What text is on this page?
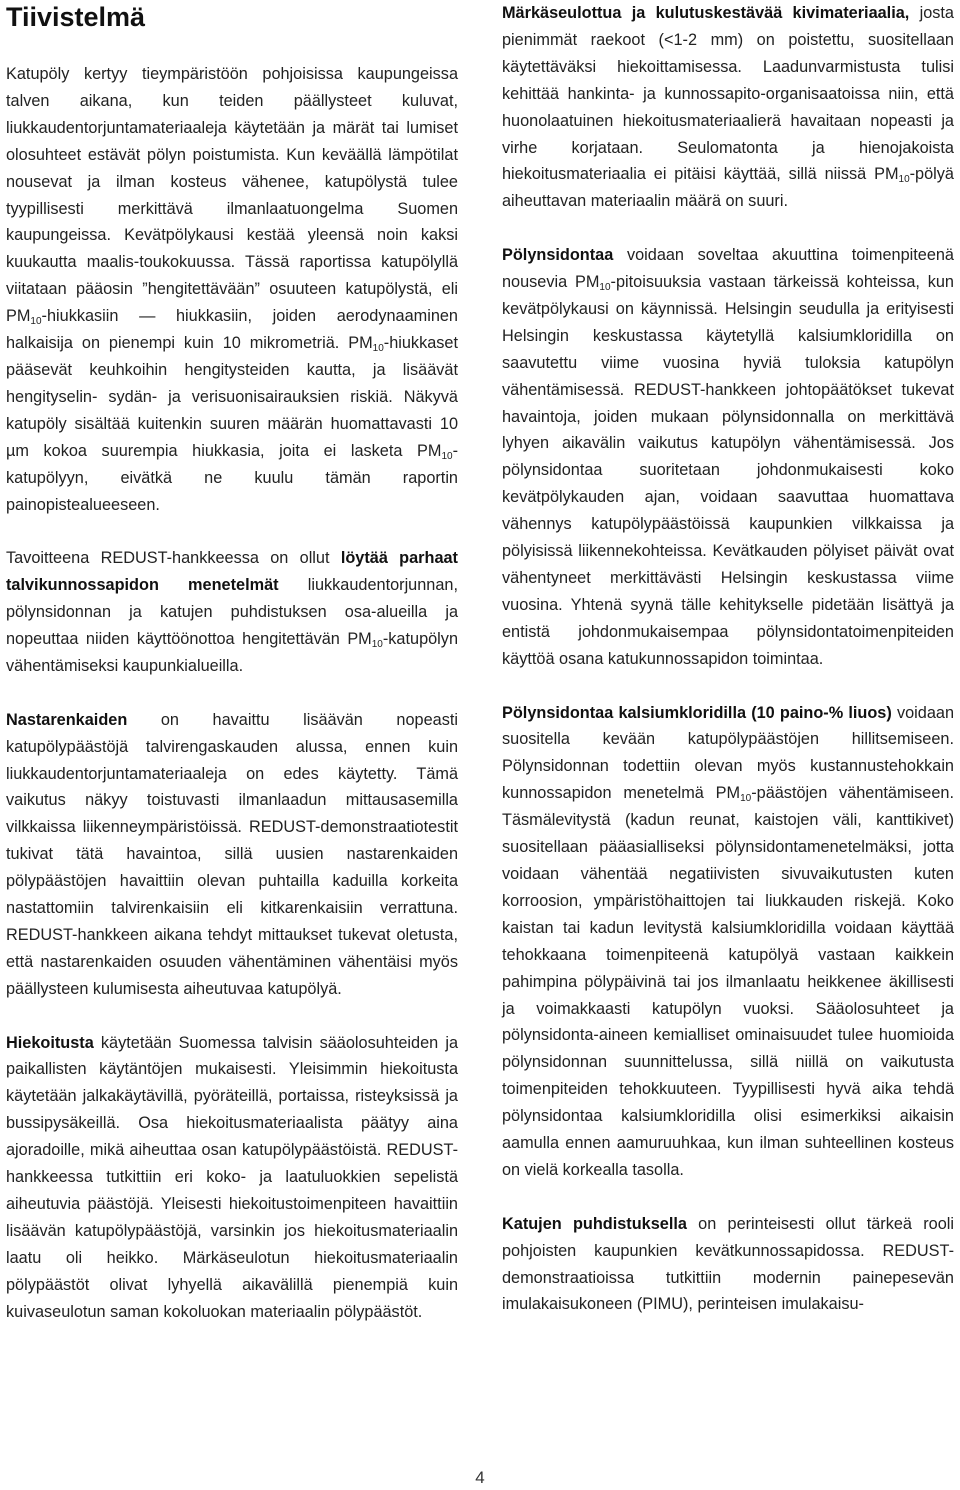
Tiivistelmä

Katupöly kertyy tieympäristöön pohjoisissa kaupungeissa talven aikana, kun teiden päällysteet kuluvat, liukkaudentorjuntamateriaaleja käytetään ja märät tai lumiset olosuhteet estävät pölyn poistumista. Kun keväällä lämpötilat nousevat ja ilman kosteus vähenee, katupölystä tulee tyypillisesti merkittävä ilmanlaatuongelma Suomen kaupungeissa. Kevätpölykausi kestää yleensä noin kaksi kuukautta maalis-toukokuussa. Tässä raportissa katupölyllä viitataan pääosin ”hengitettävään” osuuteen katupölystä, eli $PM_{10}$-hiukkasiin — hiukkasiin, joiden aerodynaaminen halkaisija on pienempi kuin 10 mikrometriä. $PM_{10}$-hiukkaset pääsevät keuhkoihin hengitysteiden kautta, ja lisäävät hengityselin- sydän- ja verisuonisairauksien riskiä. Näkyvä katupöly sisältää kuitenkin suuren määrän huomattavasti 10 µm kokoa suurempia hiukkasia, joita ei lasketa $PM_{10}$-katupölyyn, eivätkä ne kuulu tämän raportin painopistealueeseen.

Tavoitteena REDUST-hankkeessa on ollut löytää parhaat talvikunnossapidon menetelmät liukkaudentorjunnan, pölynsidonnan ja katujen puhdistuksen osa-alueilla ja nopeuttaa niiden käyttöönottoa hengitettävän $PM_{10}$-katupölyn vähentämiseksi kaupunkialueilla.

Nastarenkaiden on havaittu lisäävän nopeasti katupölypäästöjä talvirengaskauden alussa, ennen kuin liukkaudentorjuntamateriaaleja on edes käytetty. Tämä vaikutus näkyy toistuvasti ilmanlaadun mittausasemilla vilkkaissa liikenneympäristöissä. REDUST-demonstraatiotestit tukivat tätä havaintoa, sillä uusien nastarenkaiden pölypäästöjen havaittiin olevan puhtailla kaduilla korkeita nastattomiin talvirenkaisiin eli kitkarenkaisiin verrattuna. REDUST-hankkeen aikana tehdyt mittaukset tukevat oletusta, että nastarenkaiden osuuden vähentäminen vähentäisi myös päällysteen kulumisesta aiheutuvaa katupölyä.

Hiekoitusta käytetään Suomessa talvisin sääolosuhteiden ja paikallisten käytäntöjen mukaisesti. Yleisimmin hiekoitusta käytetään jalkakäytävillä, pyöräteillä, portaissa, risteyksissä ja bussipysäkeillä. Osa hiekoitusmateriaalista päätyy aina ajoradoille, mikä aiheuttaa osan katupölypäästöistä. REDUST-hankkeessa tutkittiin eri koko- ja laatuluokkien sepelistä aiheutuvia päästöjä. Yleisesti hiekoitustoimenpiteen havaittiin lisäävän katupölypäästöjä, varsinkin jos hiekoitusmateriaalin laatu oli heikko. Märkäseulotun hiekoitusmateriaalin pölypäästöt olivat lyhyellä aikavälillä pienempiä kuin kuivaseulotun saman kokoluokan materiaalin pölypäästöt.

Märkäseulottua ja kulutuskestävää kivimateriaalia, josta pienimmät raekoot (<1-2 mm) on poistettu, suositellaan käytettäväksi hiekoittamisessa. Laadunvarmistusta tulisi kehittää hankinta- ja kunnossapito-organisaatoissa niin, että huonolaatuinen hiekoitusmateriaalierä havaitaan nopeasti ja virhe korjataan. Seulomatonta ja hienojakoista hiekoitusmateriaalia ei pitäisi käyttää, sillä niissä $PM_{10}$-pölyä aiheuttavan materiaalin määrä on suuri.

Pölynsidontaa voidaan soveltaa akuuttina toimenpiteenä nousevia $PM_{10}$-pitoisuuksia vastaan tärkeissä kohteissa, kun kevätpölykausi on käynnissä. Helsingin seudulla ja erityisesti Helsingin keskustassa käytetyllä kalsiumkloridilla on saavutettu viime vuosina hyviä tuloksia katupölyn vähentämisessä. REDUST-hankkeen johtopäätökset tukevat havaintoja, joiden mukaan pölynsidonnalla on merkittävä lyhyen aikavälin vaikutus katupölyn vähentämisessä. Jos pölynsidontaa suoritetaan johdonmukaisesti koko kevätpölykauden ajan, voidaan saavuttaa huomattava vähennys katupölypäästöissä kaupunkien vilkkaissa ja pölyisissä liikennekohteissa. Kevätkauden pölyiset päivät ovat vähentyneet merkittävästi Helsingin keskustassa viime vuosina. Yhtenä syynä tälle kehitykselle pidetään lisättyä ja entistä johdonmukaisempaa pölynsidontatoimenpiteiden käyttöä osana katukunnossapidon toimintaa.

Pölynsidontaa kalsiumkloridilla (10 paino-% liuos) voidaan suositella kevään katupölypäästöjen hillitsemiseen. Pölynsidonnan todettiin olevan myös kustannustehokkain kunnossapidon menetelmä $PM_{10}$-päästöjen vähentämiseen. Täsmälevitystä (kadun reunat, kaistojen väli, kanttikivet) suositellaan pääasialliseksi pölynsidontamenetelmäksi, jotta voidaan vähentää negatiivisten sivuvaikutusten kuten korroosion, ympäristöhaittojen tai liukkauden riskejä. Koko kaistan tai kadun levitystä kalsiumkloridilla voidaan käyttää tehokkaana toimenpiteenä katupölyä vastaan kaikkein pahimpina pölypäivinä tai jos ilmanlaatu heikkenee äkillisesti ja voimakkaasti katupölyn vuoksi. Sääolosuhteet ja pölynsidonta-aineen kemialliset ominaisuudet tulee huomioida pölynsidonnan suunnittelussa, sillä niillä on vaikutusta toimenpiteiden tehokkuuteen. Tyypillisesti hyvä aika tehdä pölynsidontaa kalsiumkloridilla olisi esimerkiksi aikaisin aamulla ennen aamuruuhkaa, kun ilman suhteellinen kosteus on vielä korkealla tasolla.

Katujen puhdistuksella on perinteisesti ollut tärkeä rooli pohjoisten kaupunkien kevätkunnossapidossa. REDUST-demonstraatioissa tutkittiin modernin painepesevän imulakaisukoneen (PIMU), perinteisen imulakaisu-

4
